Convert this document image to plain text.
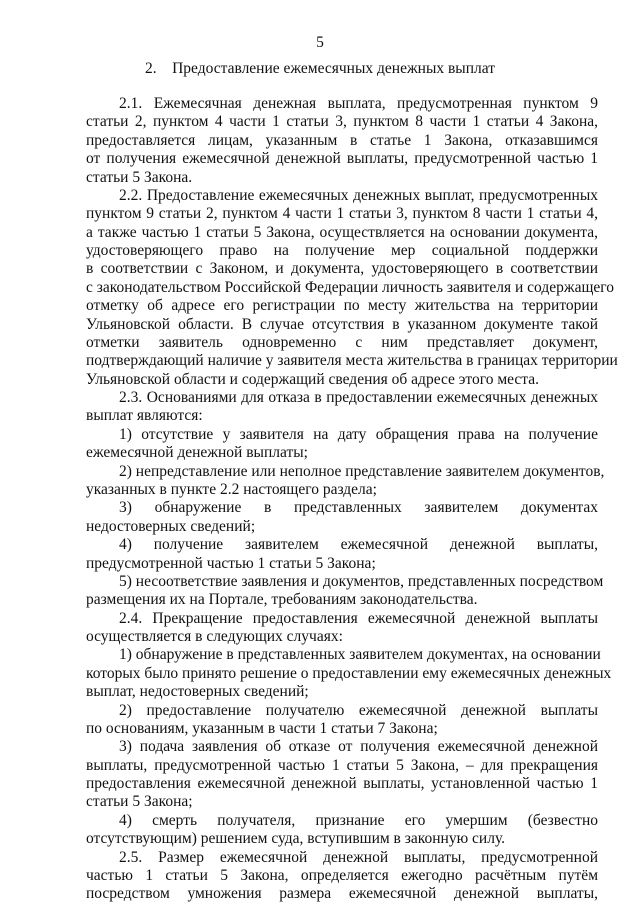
5
2.    Предоставление ежемесячных денежных выплат
2.1. Ежемесячная денежная выплата, предусмотренная пунктом 9
статьи 2, пунктом 4 части 1 статьи 3, пунктом 8 части 1 статьи 4 Закона,
предоставляется лицам, указанным в статье 1 Закона, отказавшимся
от получения ежемесячной денежной выплаты, предусмотренной частью 1
статьи 5 Закона.
2.2. Предоставление ежемесячных денежных выплат, предусмотренных
пунктом 9 статьи 2, пунктом 4 части 1 статьи 3, пунктом 8 части 1 статьи 4,
а также частью 1 статьи 5 Закона, осуществляется на основании документа,
удостоверяющего право на получение мер социальной поддержки
в соответствии с Законом, и документа, удостоверяющего в соответствии
с законодательством Российской Федерации личность заявителя и содержащего
отметку об адресе его регистрации по месту жительства на территории
Ульяновской области. В случае отсутствия в указанном документе такой
отметки заявитель одновременно с ним представляет документ,
подтверждающий наличие у заявителя места жительства в границах территории
Ульяновской области и содержащий сведения об адресе этого места.
2.3. Основаниями для отказа в предоставлении ежемесячных денежных
выплат являются:
1) отсутствие у заявителя на дату обращения права на получение
ежемесячной денежной выплаты;
2) непредставление или неполное представление заявителем документов,
указанных в пункте 2.2 настоящего раздела;
3) обнаружение в представленных заявителем документах
недостоверных сведений;
4) получение заявителем ежемесячной денежной выплаты,
предусмотренной частью 1 статьи 5 Закона;
5) несоответствие заявления и документов, представленных посредством
размещения их на Портале, требованиям законодательства.
2.4. Прекращение предоставления ежемесячной денежной выплаты
осуществляется в следующих случаях:
1) обнаружение в представленных заявителем документах, на основании
которых было принято решение о предоставлении ему ежемесячных денежных
выплат, недостоверных сведений;
2) предоставление получателю ежемесячной денежной выплаты
по основаниям, указанным в части 1 статьи 7 Закона;
3) подача заявления об отказе от получения ежемесячной денежной
выплаты, предусмотренной частью 1 статьи 5 Закона, – для прекращения
предоставления ежемесячной денежной выплаты, установленной частью 1
статьи 5 Закона;
4) смерть получателя, признание его умершим (безвестно
отсутствующим) решением суда, вступившим в законную силу.
2.5. Размер ежемесячной денежной выплаты, предусмотренной
частью 1 статьи 5 Закона, определяется ежегодно расчётным путём
посредством умножения размера ежемесячной денежной выплаты,
